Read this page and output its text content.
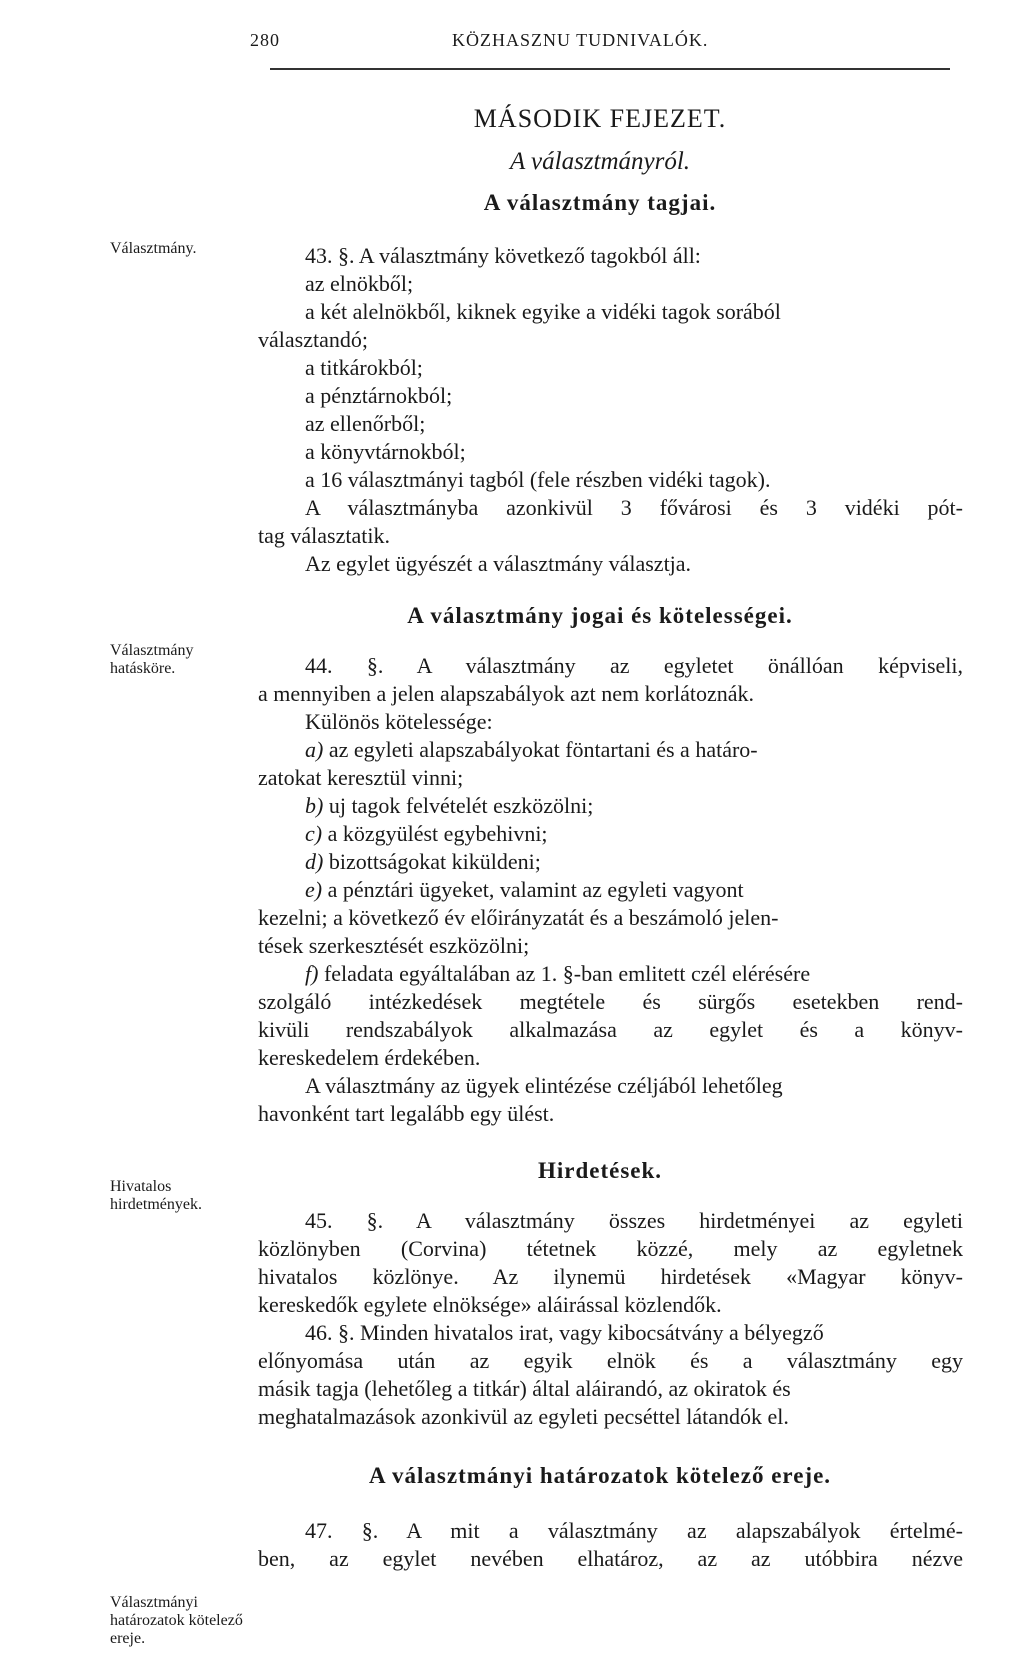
280	KÖZHASZNU TUDNIVALÓK.
MÁSODIK FEJEZET.
A választmányról.
A választmány tagjai.
Választmány.
Választmány hatásköre.
Hivatalos hirdetmények.
Választmányi határozatok kötelező ereje.
43. §. A választmány következő tagokból áll:
az elnökből;
a két alelnökből, kiknek egyike a vidéki tagok sorából
választandó;
a titkárokból;
a pénztárnokból;
az ellenőrből;
a könyvtárnokból;
a 16 választmányi tagból (fele részben vidéki tagok).
A választmányba azonkivül 3 fővárosi és 3 vidéki pót-
tag választatik.
Az egylet ügyészét a választmány választja.
A választmány jogai és kötelességei.
44. §. A választmány az egyletet önállóan képviseli,
a mennyiben a jelen alapszabályok azt nem korlátoznák.
Különös kötelessége:
a) az egyleti alapszabályokat föntartani és a határo-
zatokat keresztül vinni;
b) uj tagok felvételét eszközölni;
c) a közgyülést egybehivni;
d) bizottságokat kiküldeni;
e) a pénztári ügyeket, valamint az egyleti vagyont
kezelni; a következő év előirányzatát és a beszámoló jelen-
tések szerkesztését eszközölni;
f) feladata egyáltalában az 1. §-ban emlitett czél elérésére
szolgáló intézkedések megtétele és sürgős esetekben rend-
kivüli rendszabályok alkalmazása az egylet és a könyv-
kereskedelem érdekében.
A választmány az ügyek elintézése czéljából lehetőleg
havonként tart legalább egy ülést.
Hirdetések.
45. §. A választmány összes hirdetményei az egyleti
közlönyben (Corvina) tétetnek közzé, mely az egyletnek
hivatalos közlönye. Az ilynemü hirdetések «Magyar könyv-
kereskedők egylete elnöksége» aláirással közlendők.
46. §. Minden hivatalos irat, vagy kibocsátvány a bélyegző
előnyomása után az egyik elnök és a választmány egy
másik tagja (lehetőleg a titkár) által aláirandó, az okiratok és
meghatalmazások azonkivül az egyleti pecséttel látandók el.
A választmányi határozatok kötelező ereje.
47. §. A mit a választmány az alapszabályok értelmé-
ben, az egylet nevében elhatároz, az az utóbbira nézve
